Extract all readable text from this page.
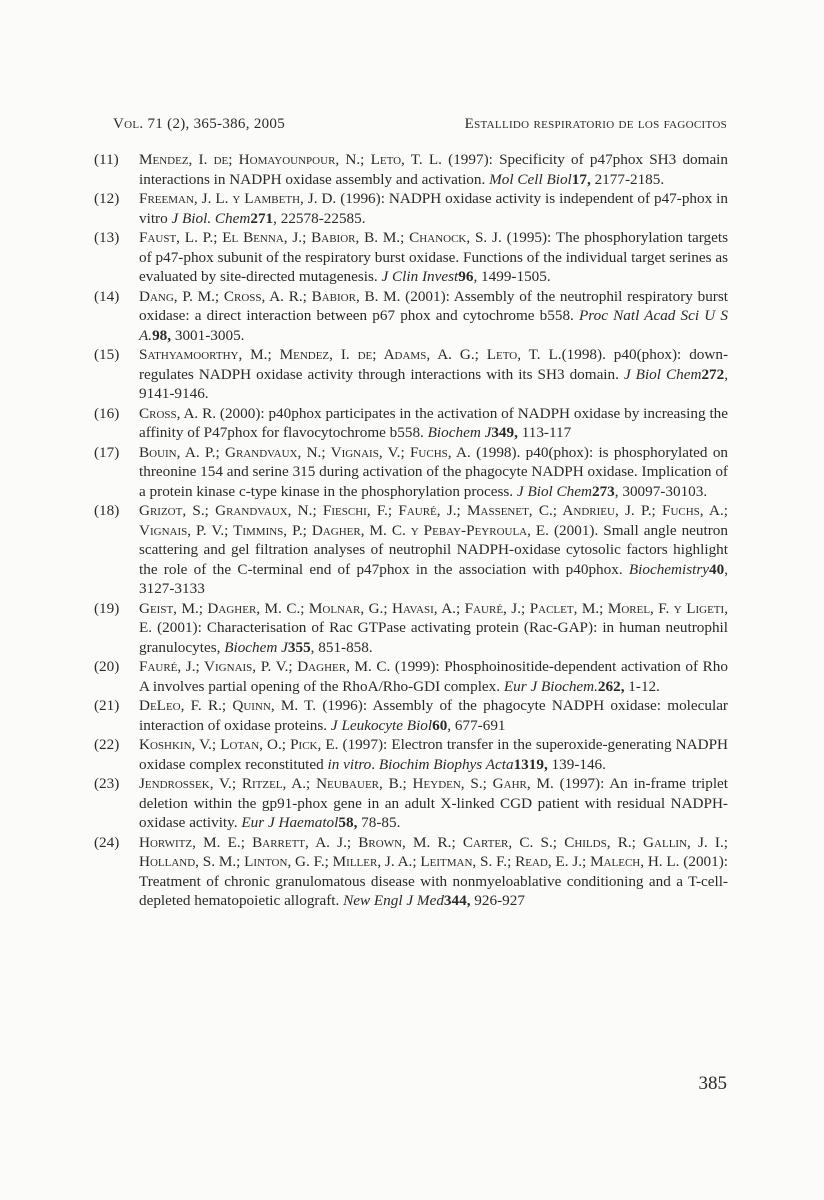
Vol. 71 (2), 365-386, 2005	Estallido respiratorio de los fagocitos
(11) Mendez, I. de; Homayounpour, N.; Leto, T. L. (1997): Specificity of p47phox SH3 domain interactions in NADPH oxidase assembly and activation. Mol Cell Biol17, 2177-2185.
(12) Freeman, J. L. y Lambeth, J. D. (1996): NADPH oxidase activity is independent of p47-phox in vitro J Biol. Chem271, 22578-22585.
(13) Faust, L. P.; El Benna, J.; Babior, B. M.; Chanock, S. J. (1995): The phosphorylation targets of p47-phox subunit of the respiratory burst oxidase. Functions of the individual target serines as evaluated by site-directed mutagenesis. J Clin Invest96, 1499-1505.
(14) Dang, P. M.; Cross, A. R.; Babior, B. M. (2001): Assembly of the neutrophil respiratory burst oxidase: a direct interaction between p67 phox and cytochrome b558. Proc Natl Acad Sci U S A.98, 3001-3005.
(15) Sathyamoorthy, M.; Mendez, I. de; Adams, A. G.; Leto, T. L.(1998). p40(phox): down-regulates NADPH oxidase activity through interactions with its SH3 domain. J Biol Chem272, 9141-9146.
(16) Cross, A. R. (2000): p40phox participates in the activation of NADPH oxidase by increasing the affinity of P47phox for flavocytochrome b558. Biochem J349, 113-117
(17) Bouin, A. P.; Grandvaux, N.; Vignais, V.; Fuchs, A. (1998). p40(phox): is phosphorylated on threonine 154 and serine 315 during activation of the phagocyte NADPH oxidase. Implication of a protein kinase c-type kinase in the phosphorylation process. J Biol Chem273, 30097-30103.
(18) Grizot, S.; Grandvaux, N.; Fieschi, F.; Fauré, J.; Massenet, C.; Andrieu, J. P.; Fuchs, A.; Vignais, P. V.; Timmins, P.; Dagher, M. C. y Pebay-Peyroula, E. (2001). Small angle neutron scattering and gel filtration analyses of neutrophil NADPH-oxidase cytosolic factors highlight the role of the C-terminal end of p47phox in the association with p40phox. Biochemistry40, 3127-3133
(19) Geist, M.; Dagher, M. C.; Molnar, G.; Havasi, A.; Fauré, J.; Paclet, M.; Morel, F. y Ligeti, E. (2001): Characterisation of Rac GTPase activating protein (Rac-GAP): in human neutrophil granulocytes, Biochem J355, 851-858.
(20) Fauré, J.; Vignais, P. V.; Dagher, M. C. (1999): Phosphoinositide-dependent activation of Rho A involves partial opening of the RhoA/Rho-GDI complex. Eur J Biochem.262, 1-12.
(21) DeLeo, F. R.; Quinn, M. T. (1996): Assembly of the phagocyte NADPH oxidase: molecular interaction of oxidase proteins. J Leukocyte Biol60, 677-691
(22) Koshkin, V.; Lotan, O.; Pick, E. (1997): Electron transfer in the superoxide-generating NADPH oxidase complex reconstituted in vitro. Biochim Biophys Acta1319, 139-146.
(23) Jendrossek, V.; Ritzel, A.; Neubauer, B.; Heyden, S.; Gahr, M. (1997): An in-frame triplet deletion within the gp91-phox gene in an adult X-linked CGD patient with residual NADPH-oxidase activity. Eur J Haematol58, 78-85.
(24) Horwitz, M. E.; Barrett, A. J.; Brown, M. R.; Carter, C. S.; Childs, R.; Gallin, J. I.; Holland, S. M.; Linton, G. F.; Miller, J. A.; Leitman, S. F.; Read, E. J.; Malech, H. L. (2001): Treatment of chronic granulomatous disease with nonmyeloablative conditioning and a T-cell-depleted hematopoietic allograft. New Engl J Med344, 926-927
385
